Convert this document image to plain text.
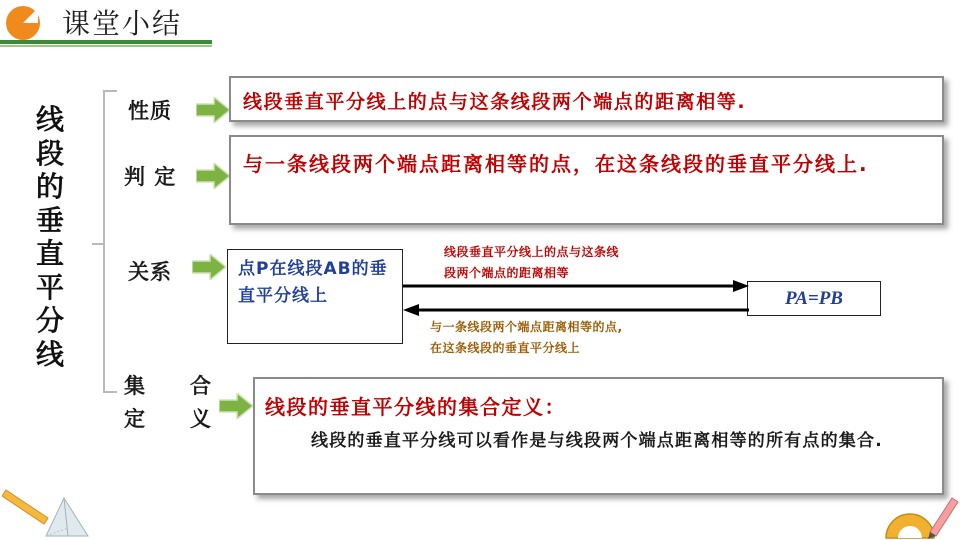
课堂小结
线
段
的
垂
直
平
分
线
性质
判 定
关系
集 合
定 义
线段垂直平分线上的点与这条线段两个端点的距离相等.
与一条线段两个端点距离相等的点，在这条线段的垂直平分线上.
点P在线段AB的垂直平分线上	PA=PB
线段垂直平分线上的点与这条线
段两个端点的距离相等
与一条线段两个端点距离相等的点,
在这条线段的垂直平分线上
线段的垂直平分线的集合定义：
线段的垂直平分线可以看作是与线段两个端点距离相等的所有点的集合.
